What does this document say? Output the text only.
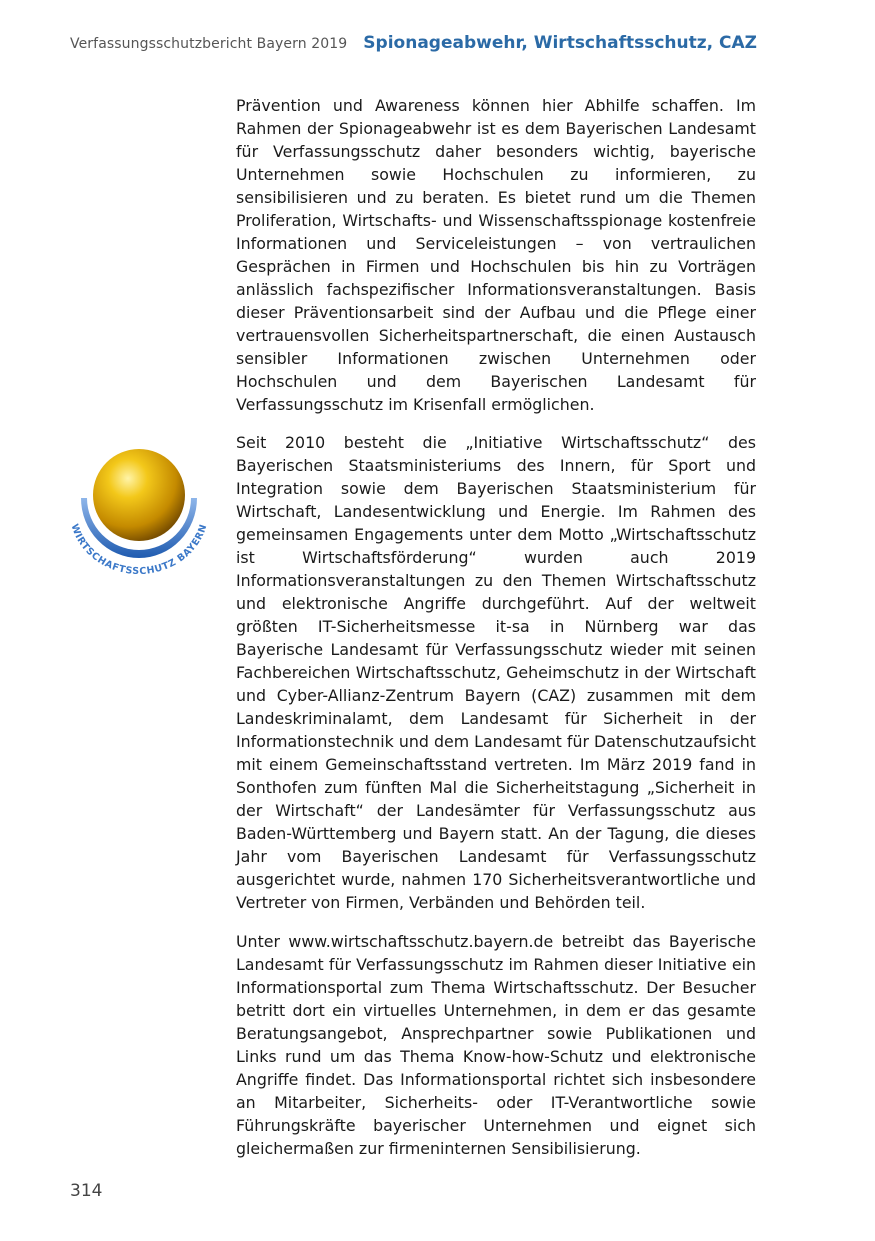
Verfassungsschutzbericht Bayern 2019 Spionageabwehr, Wirtschaftsschutz, CAZ

Prävention und Awareness können hier Abhilfe schaffen. Im Rahmen der Spionageabwehr ist es dem Bayerischen Landesamt für Verfassungsschutz daher besonders wichtig, bayerische Unternehmen sowie Hochschulen zu informieren, zu sensibilisieren und zu beraten. Es bietet rund um die Themen Proliferation, Wirtschafts- und Wissenschaftsspionage kostenfreie Informationen und Serviceleistungen – von vertraulichen Gesprächen in Firmen und Hochschulen bis hin zu Vorträgen anlässlich fachspezifischer Informationsveranstaltungen. Basis dieser Präventionsarbeit sind der Aufbau und die Pflege einer vertrauensvollen Sicherheitspartnerschaft, die einen Austausch sensibler Informationen zwischen Unternehmen oder Hochschulen und dem Bayerischen Landesamt für Verfassungsschutz im Krisenfall ermöglichen.

WIRTSCHAFTSSCHUTZ BAYERN

Seit 2010 besteht die „Initiative Wirtschaftsschutz“ des Bayerischen Staatsministeriums des Innern, für Sport und Integration sowie dem Bayerischen Staatsministerium für Wirtschaft, Landesentwicklung und Energie. Im Rahmen des gemeinsamen Engagements unter dem Motto „Wirtschaftsschutz ist Wirtschaftsförderung“ wurden auch 2019 Informationsveranstaltungen zu den Themen Wirtschaftsschutz und elektronische Angriffe durchgeführt. Auf der weltweit größten IT-Sicherheitsmesse it-sa in Nürnberg war das Bayerische Landesamt für Verfassungsschutz wieder mit seinen Fachbereichen Wirtschaftsschutz, Geheimschutz in der Wirtschaft und Cyber-Allianz-Zentrum Bayern (CAZ) zusammen mit dem Landeskriminalamt, dem Landesamt für Sicherheit in der Informationstechnik und dem Landesamt für Datenschutzaufsicht mit einem Gemeinschaftsstand vertreten. Im März 2019 fand in Sonthofen zum fünften Mal die Sicherheitstagung „Sicherheit in der Wirtschaft“ der Landesämter für Verfassungsschutz aus Baden-Württemberg und Bayern statt. An der Tagung, die dieses Jahr vom Bayerischen Landesamt für Verfassungsschutz ausgerichtet wurde, nahmen 170 Sicherheitsverantwortliche und Vertreter von Firmen, Verbänden und Behörden teil.

Unter www.wirtschaftsschutz.bayern.de betreibt das Bayerische Landesamt für Verfassungsschutz im Rahmen dieser Initiative ein Informationsportal zum Thema Wirtschaftsschutz. Der Besucher betritt dort ein virtuelles Unternehmen, in dem er das gesamte Beratungsangebot, Ansprechpartner sowie Publikationen und Links rund um das Thema Know-how-Schutz und elektronische Angriffe findet. Das Informationsportal richtet sich insbesondere an Mitarbeiter, Sicherheits- oder IT-Verantwortliche sowie Führungskräfte bayerischer Unternehmen und eignet sich gleichermaßen zur firmeninternen Sensibilisierung.

314
